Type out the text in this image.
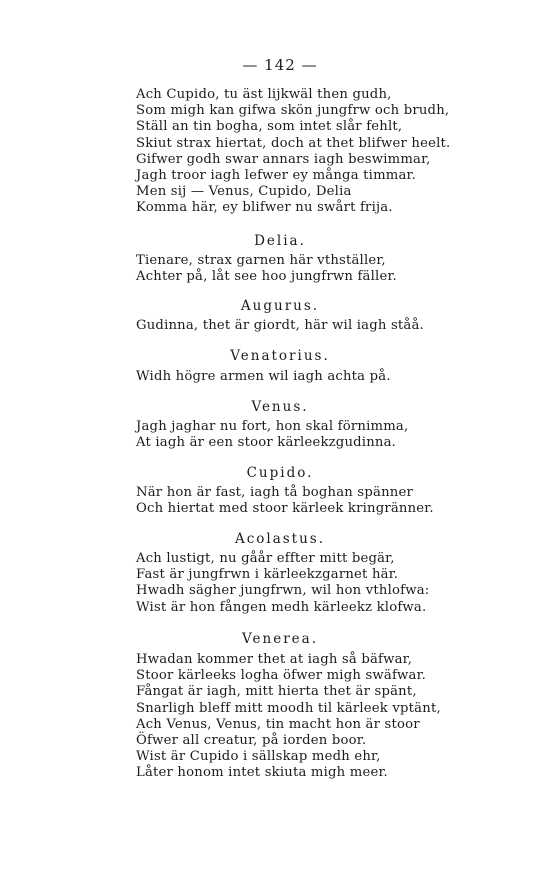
— 142 —
Ach Cupido, tu äst lijkwäl then gudh,
Som migh kan gifwa skön jungfrw och brudh,
Ställ an tin bogha, som intet slår fehlt,
Skiut strax hiertat, doch at thet blifwer heelt.
Gifwer godh swar annars iagh beswimmar,
Jagh troor iagh lefwer ey många timmar.
Men sij — Venus, Cupido, Delia
Komma här, ey blifwer nu swårt frija.
Delia.
Tienare, strax garnen här vthställer,
Achter på, låt see hoo jungfrwn fäller.
Augurus.
Gudinna, thet är giordt, här wil iagh ståå.
Venatorius.
Widh högre armen wil iagh achta på.
Venus.
Jagh jaghar nu fort, hon skal förnimma,
At iagh är een stoor kärleekzgudinna.
Cupido.
När hon är fast, iagh tå boghan spänner
Och hiertat med stoor kärleek kringränner.
Acolastus.
Ach lustigt, nu gåår effter mitt begär,
Fast är jungfrwn i kärleekzgarnet här.
Hwadh sägher jungfrwn, wil hon vthlofwa:
Wist är hon fången medh kärleekz klofwa.
Venerea.
Hwadan kommer thet at iagh så bäfwar,
Stoor kärleeks logha öfwer migh swäfwar.
Fångat är iagh, mitt hierta thet är spänt,
Snarligh bleff mitt moodh til kärleek vptänt,
Ach Venus, Venus, tin macht hon är stoor
Öfwer all creatur, på iorden boor.
Wist är Cupido i sällskap medh ehr,
Låter honom intet skiuta migh meer.
